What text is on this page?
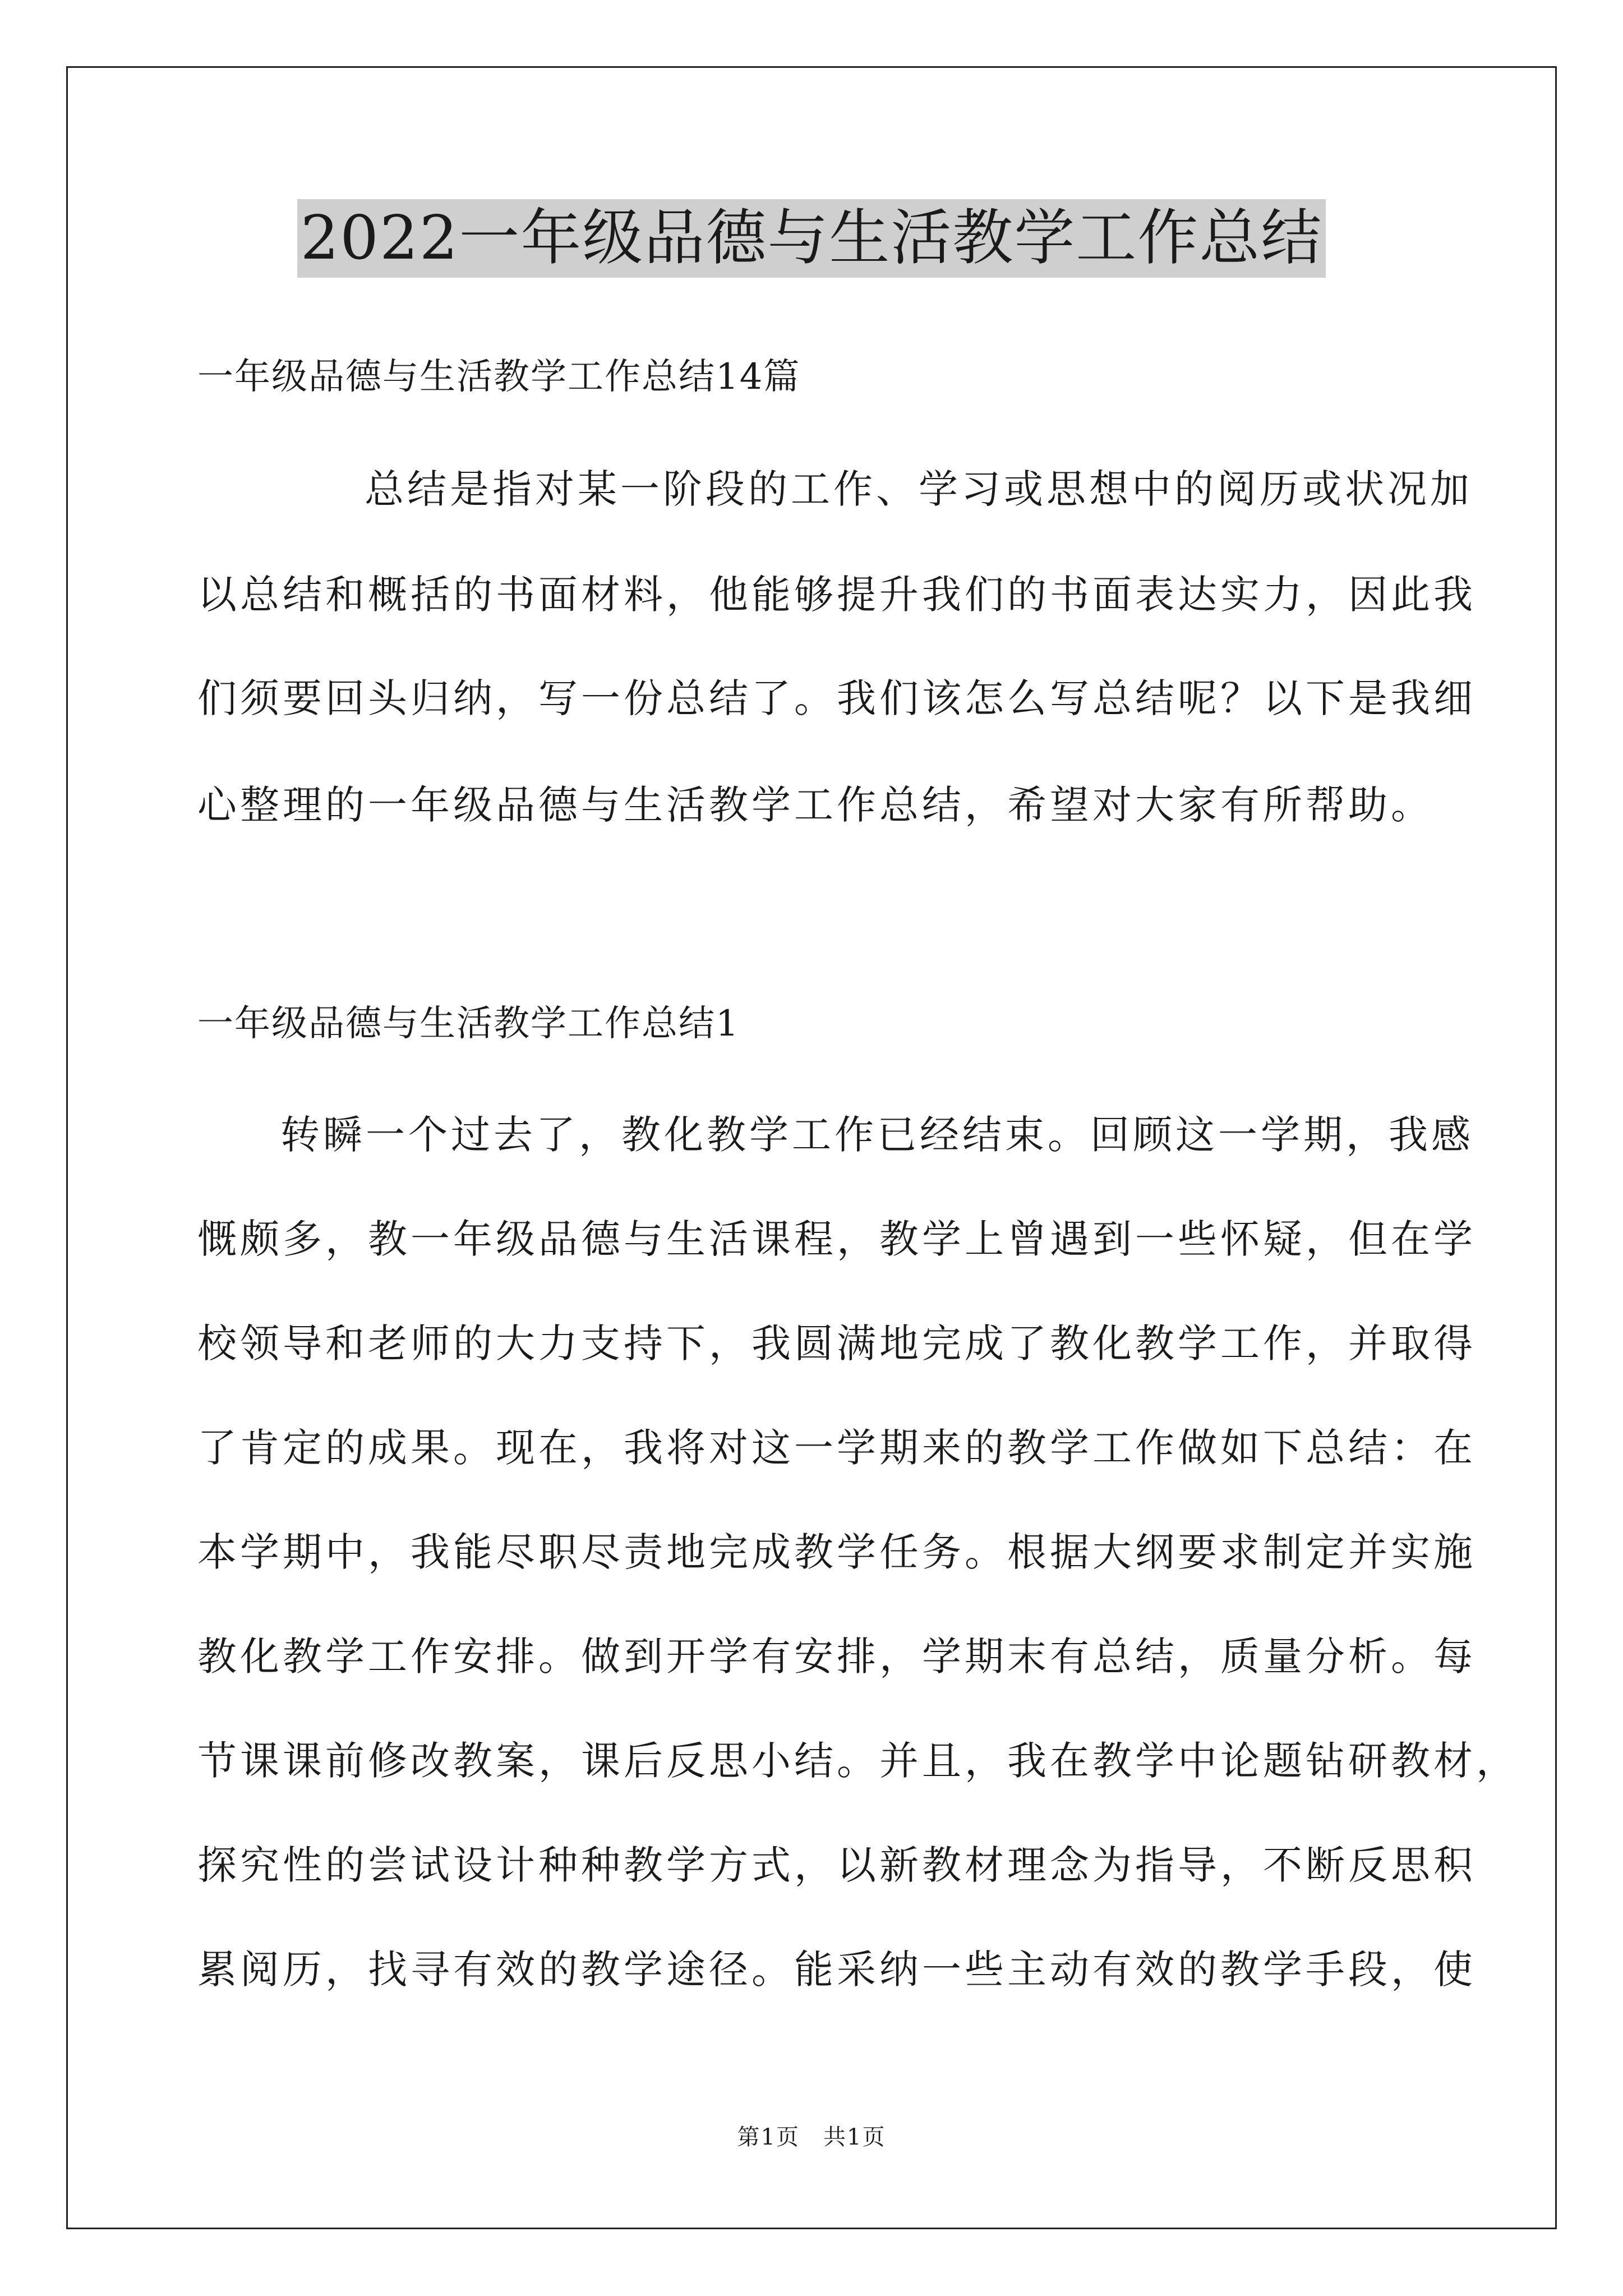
2022一年级品德与生活教学工作总结
一年级品德与生活教学工作总结14篇
总结是指对某一阶段的工作、学习或思想中的阅历或状况加
以总结和概括的书面材料，他能够提升我们的书面表达实力，因此我
们须要回头归纳，写一份总结了。我们该怎么写总结呢？以下是我细
心整理的一年级品德与生活教学工作总结，希望对大家有所帮助。
一年级品德与生活教学工作总结1
转瞬一个过去了，教化教学工作已经结束。回顾这一学期，我感
慨颇多，教一年级品德与生活课程，教学上曾遇到一些怀疑，但在学
校领导和老师的大力支持下，我圆满地完成了教化教学工作，并取得
了肯定的成果。现在，我将对这一学期来的教学工作做如下总结：在
本学期中，我能尽职尽责地完成教学任务。根据大纲要求制定并实施
教化教学工作安排。做到开学有安排，学期末有总结，质量分析。每
节课课前修改教案，课后反思小结。并且，我在教学中论题钻研教材，
探究性的尝试设计种种教学方式，以新教材理念为指导，不断反思积
累阅历，找寻有效的教学途径。能采纳一些主动有效的教学手段，使
第1页　共1页
